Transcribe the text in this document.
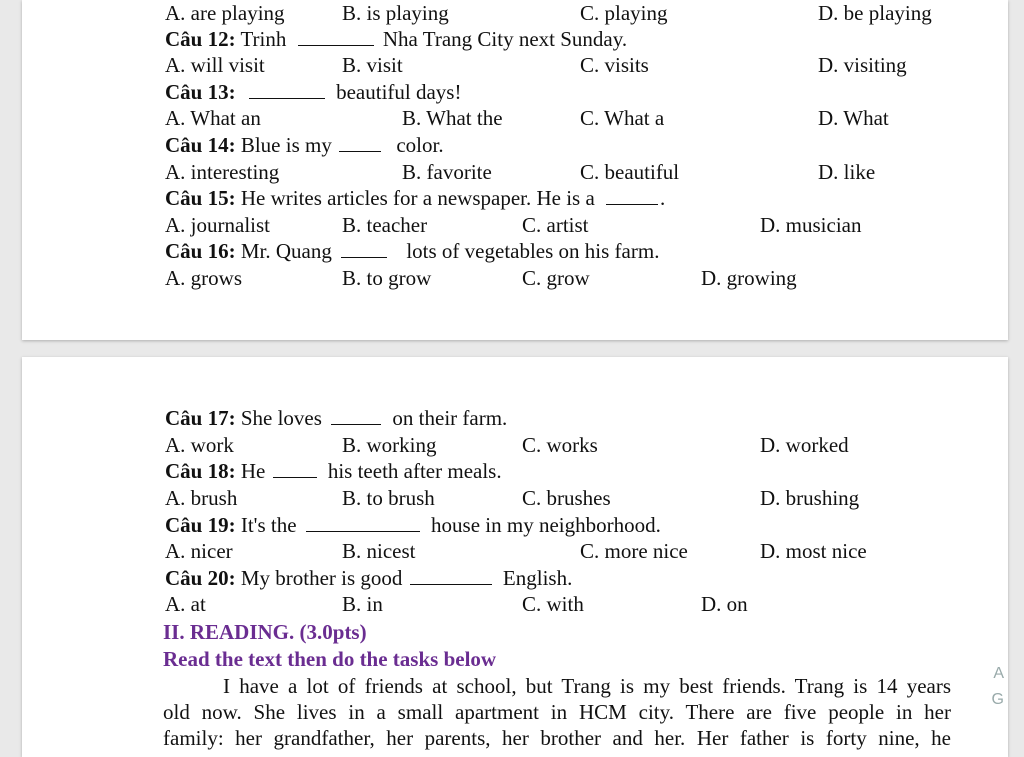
A. are playing	B. is playing	C. playing	D. be playing
Câu 12: Trinh	Nha Trang City next Sunday.
A. will visit	B. visit	C. visits	D. visiting
Câu 13:	beautiful days!
A. What an	B. What the	C. What a	D. What
Câu 14: Blue is my	color.
A. interesting	B. favorite	C. beautiful	D. like
Câu 15: He writes articles for a newspaper. He is a	.
A. journalist	B. teacher	C. artist	D. musician
Câu 16: Mr. Quang	lots of vegetables on his farm.
A. grows	B. to grow	C. grow	D. growing
Câu 17: She loves	on their farm.
A. work	B. working	C. works	D. worked
Câu 18: He	his teeth after meals.
A. brush	B. to brush	C. brushes	D. brushing
Câu 19: It's the	house in my neighborhood.
A. nicer	B. nicest	C. more nice	D. most nice
Câu 20: My brother is good	English.
A. at	B. in	C. with	D. on
II. READING. (3.0pts)
Read the text then do the tasks below
I have a lot of friends at school, but Trang is my best friends. Trang is 14 years
old now. She lives in a small apartment in HCM city. There are five people in her
family: her grandfather, her parents, her brother and her. Her father is forty nine, he
A
G
